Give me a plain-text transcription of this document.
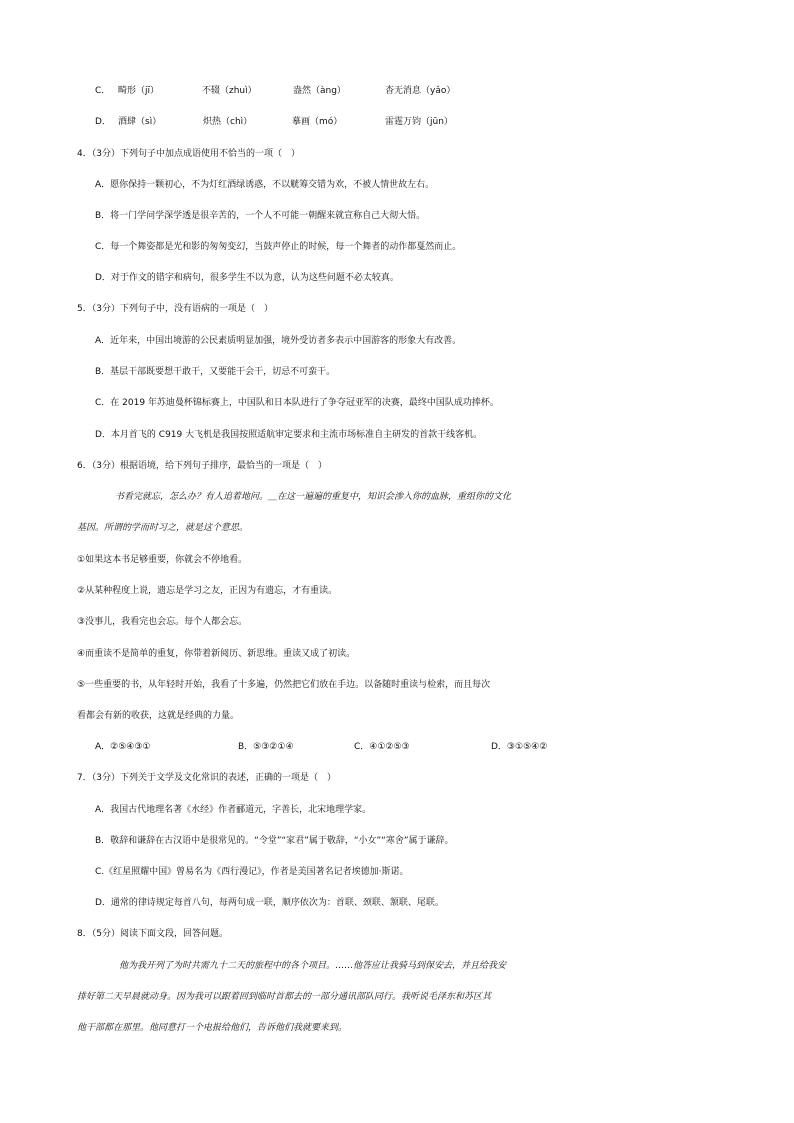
C． 畸形（jī）	不辍（zhuì）	盎然（àng）	杳无消息（yǎo）
D． 酒肆（sì）	炽热（chì）	摹画（mó）	雷霆万钧（jūn）
4．（3分）下列句子中加点成语使用不恰当的一项（　）
A．愿你保持一颗初心，不为灯红酒绿诱惑，不以觥筹交错为欢，不被人情世故左右。
B．将一门学问学深学透是很辛苦的，一个人不可能一朝醒来就宣称自己大彻大悟。
C．每一个舞姿都是光和影的匆匆变幻，当鼓声停止的时候，每一个舞者的动作都戛然而止。
D．对于作文的错字和病句，很多学生不以为意，认为这些问题不必太较真。
5．（3分）下列句子中，没有语病的一项是（　）
A．近年来，中国出境游的公民素质明显加强，境外受访者多表示中国游客的形象大有改善。
B．基层干部既要想干敢干，又要能干会干，切忌不可蛮干。
C．在 2019 年苏迪曼杯锦标赛上，中国队和日本队进行了争夺冠亚军的决赛，最终中国队成功捧杯。
D．本月首飞的 C919 大飞机是我国按照适航审定要求和主流市场标准自主研发的首款干线客机。
6．（3分）根据语境，给下列句子排序，最恰当的一项是（　）
书看完就忘，怎么办？有人追着地问。＿在这一遍遍的重复中，知识会渗入你的血脉，重组你的文化
基因。所谓的学而时习之，就是这个意思。
①如果这本书足够重要，你就会不停地看。
②从某种程度上说，遗忘是学习之友，正因为有遗忘，才有重读。
③没事儿，我看完也会忘。每个人都会忘。
④而重读不是简单的重复，你带着新阅历、新思维。重读又成了初读。
⑤一些重要的书，从年轻时开始，我看了十多遍，仍然把它们放在手边。以备随时重读与检索，而且每次
看都会有新的收获，这就是经典的力量。
A．②⑤④③①	B．⑤③②①④	C．④①②⑤③	D．③①⑤④②
7．（3分）下列关于文学及文化常识的表述，正确的一项是（　）
A．我国古代地理名著《水经》作者郦道元，字善长，北宋地理学家。
B．敬辞和谦辞在古汉语中是很常见的。“令堂”“家君”属于敬辞，“小女”“寒舍”属于谦辞。
C.《红星照耀中国》曾易名为《西行漫记》，作者是美国著名记者埃德加·斯诺。
D．通常的律诗规定每首八句，每两句成一联，顺序依次为：首联、颈联、颔联、尾联。
8．（5分）阅读下面文段，回答问题。
他为我开列了为时共需九十二天的旅程中的各个项目。……他答应让我骑马到保安去，并且给我安
排好第二天早晨就动身。因为我可以跟着回到临时首都去的一部分通讯部队同行。我听说毛泽东和苏区其
他干部都在那里。他同意打一个电报给他们，告诉他们我就要来到。
